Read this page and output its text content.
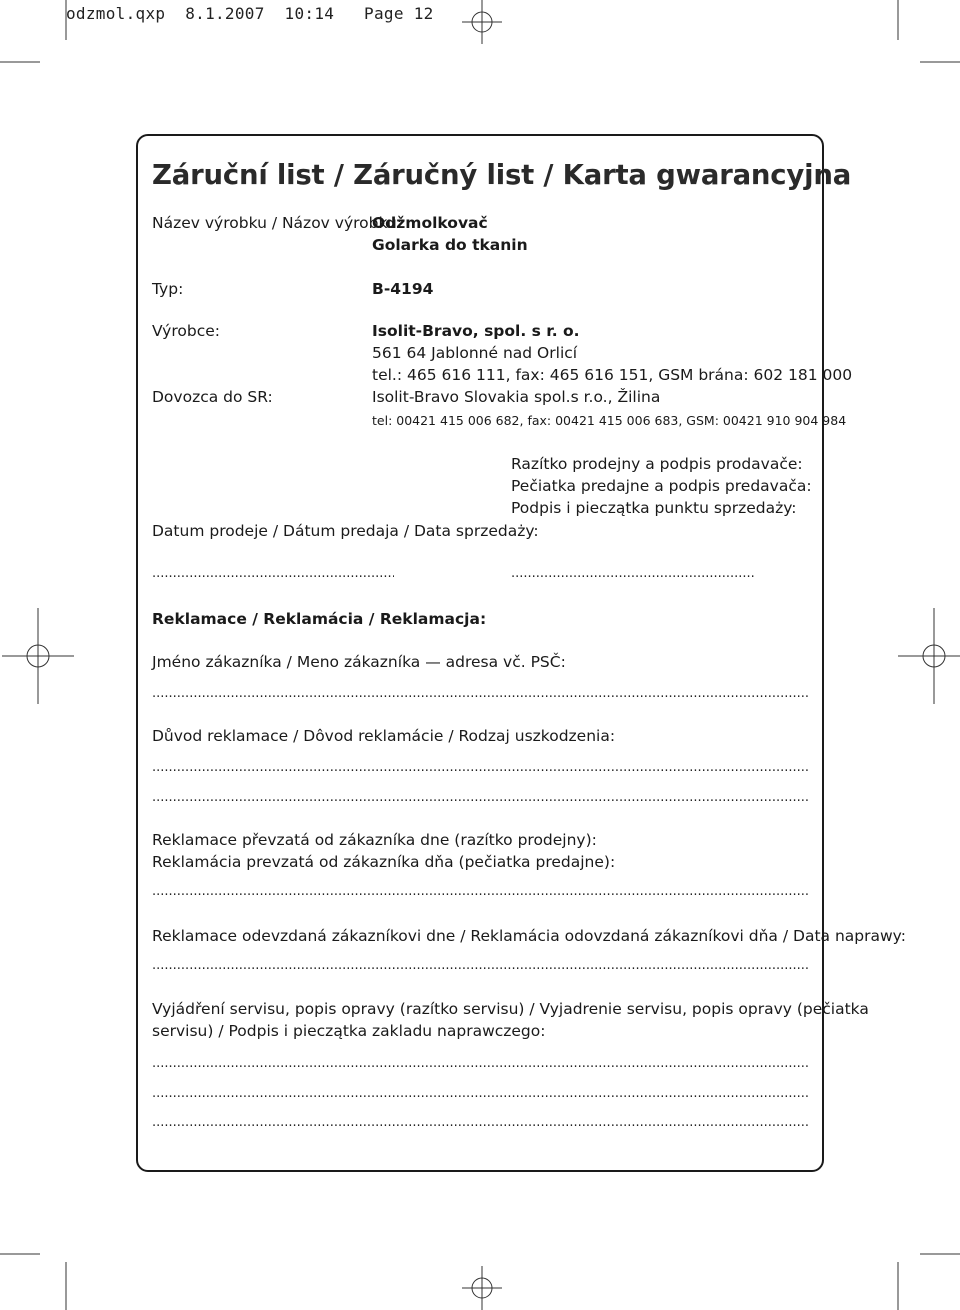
odzmol.qxp 8.1.2007 10:14 Page 12
Záruční list / Záručný list / Karta gwarancyjna
Název výrobku / Názov výrobku:
Odžmolkovač
Golarka do tkanin
Typ:	B-4194
Výrobce:	Isolit-Bravo, spol. s r. o.
561 64 Jablonné nad Orlicí
tel.: 465 616 111, fax: 465 616 151, GSM brána: 602 181 000
Dovozca do SR:	Isolit-Bravo Slovakia spol.s r.o., Žilina
tel: 00421 415 006 682, fax: 00421 415 006 683, GSM: 00421 910 904 984
Razítko prodejny a podpis prodavače:
Pečiatka predajne a podpis predavača:
Podpis i pieczątka punktu sprzedaży:
Datum prodeje / Dátum predaja / Data sprzedaży:
.....
.....
Reklamace / Reklamácia / Reklamacja:
Jméno zákazníka / Meno zákazníka — adresa vč. PSČ:
.....
Důvod reklamace / Dôvod reklamácie / Rodzaj uszkodzenia:
.....
.....
Reklamace převzatá od zákazníka dne (razítko prodejny):
Reklamácia prevzatá od zákazníka dňa (pečiatka predajne):
.....
Reklamace odevzdaná zákazníkovi dne / Reklamácia odovzdaná zákazníkovi dňa / Data naprawy:
.....
Vyjádření servisu, popis opravy (razítko servisu) / Vyjadrenie servisu, popis opravy (pečiatka
servisu) / Podpis i pieczątka zakladu naprawczego:
.....
.....
.....
